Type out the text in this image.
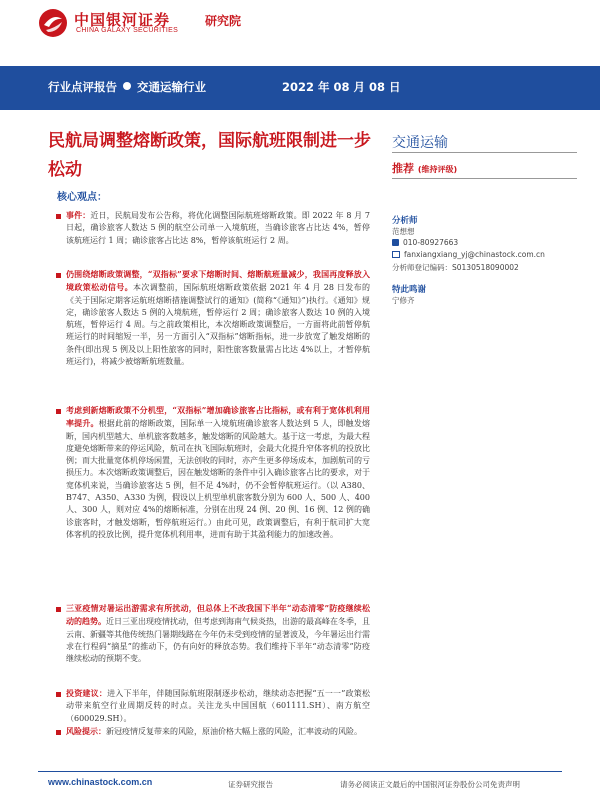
中国银河证券
CHINA GALAXY SECURITIES
研究院
行业点评报告 交通运输行业	2022 年 08 月 08 日
民航局调整熔断政策，国际航班限制进一步松动
核心观点：
交通运输
推荐 (维持评级)
分析师
范想想
010-80927663
fanxiangxiang_yj@chinastock.com.cn
分析师登记编码：S0130518090002
特此鸣谢
宁修齐
事件：近日，民航局发布公告称，将优化调整国际航班熔断政策。即 2022 年 8 月 7 日起，确诊旅客人数达 5 例的航空公司单一入境航班，当确诊旅客占比达 4%，暂停该航班运行 1 周；确诊旅客占比达 8%，暂停该航班运行 2 周。
仍围绕熔断政策调整，“双指标”要求下熔断时间、熔断航班量减少，我国再度释放入境政策松动信号。本次调整前，国际航班熔断政策依据 2021 年 4 月 28 日发布的《关于国际定期客运航班熔断措施调整试行的通知》(简称“《通知》”)执行。《通知》规定，确诊旅客人数达 5 例的入境航班，暂停运行 2 周；确诊旅客人数达 10 例的入境航班，暂停运行 4 周。与之前政策相比，本次熔断政策调整后，一方面将此前暂停航班运行的时间缩短一半，另一方面引入“双指标”熔断指标，进一步放宽了触发熔断的条件(即出现 5 例及以上阳性旅客的同时，阳性旅客数量需占比达 4%以上，才暂停航班运行)，将减少被熔断航班数量。
考虑到新熔断政策不分机型，“双指标”增加确诊旅客占比指标，或有利于宽体机利用率提升。根据此前的熔断政策，国际单一入境航班确诊旅客人数达到 5 人，即触发熔断，国内机型越大、单机旅客数越多，触发熔断的风险越大。基于这一考虑，为最大程度避免熔断带来的停运风险，航司在执飞国际航班时，会最大化提升窄体客机的投放比例；而大批量宽体机停场闲置，无法创收的同时，亦产生更多停场成本，加剧航司的亏损压力。本次熔断政策调整后，因在触发熔断的条件中引入确诊旅客占比的要求，对于宽体机来说，当确诊旅客达 5 例，但不足 4%时，仍不会暂停航班运行。（以 A380、B747、A350、A330 为例，假设以上机型单机旅客数分别为 600 人、500 人、400 人、300 人，则对应 4%的熔断标准，分别在出现 24 例、20 例、16 例、12 例的确诊旅客时，才触发熔断，暂停航班运行。）由此可见，政策调整后，有利于航司扩大宽体客机的投放比例，提升宽体机利用率，进而有助于其盈利能力的加速改善。
三亚疫情对暑运出游需求有所扰动，但总体上不改我国下半年“动态清零”防疫继续松动的趋势。近日三亚出现疫情扰动，但考虑到海南气候炎热，出游的最高峰在冬季，且云南、新疆等其他传统热门暑期线路在今年仍未受到疫情的显著波及，今年暑运出行需求在行程码“摘星”的推动下，仍有向好的释放态势。我们维持下半年“动态清零”防疫继续松动的预期不变。
投资建议：进入下半年，伴随国际航班限制逐步松动，继续动态把握“五一一”政策松动带来航空行业周期反转的时点。关注龙头中国国航（601111.SH）、南方航空（600029.SH）。
风险提示：新冠疫情反复带来的风险，原油价格大幅上涨的风险，汇率波动的风险。
www.chinastock.com.cn	证券研究报告	请务必阅读正文最后的中国银河证券股份公司免责声明
